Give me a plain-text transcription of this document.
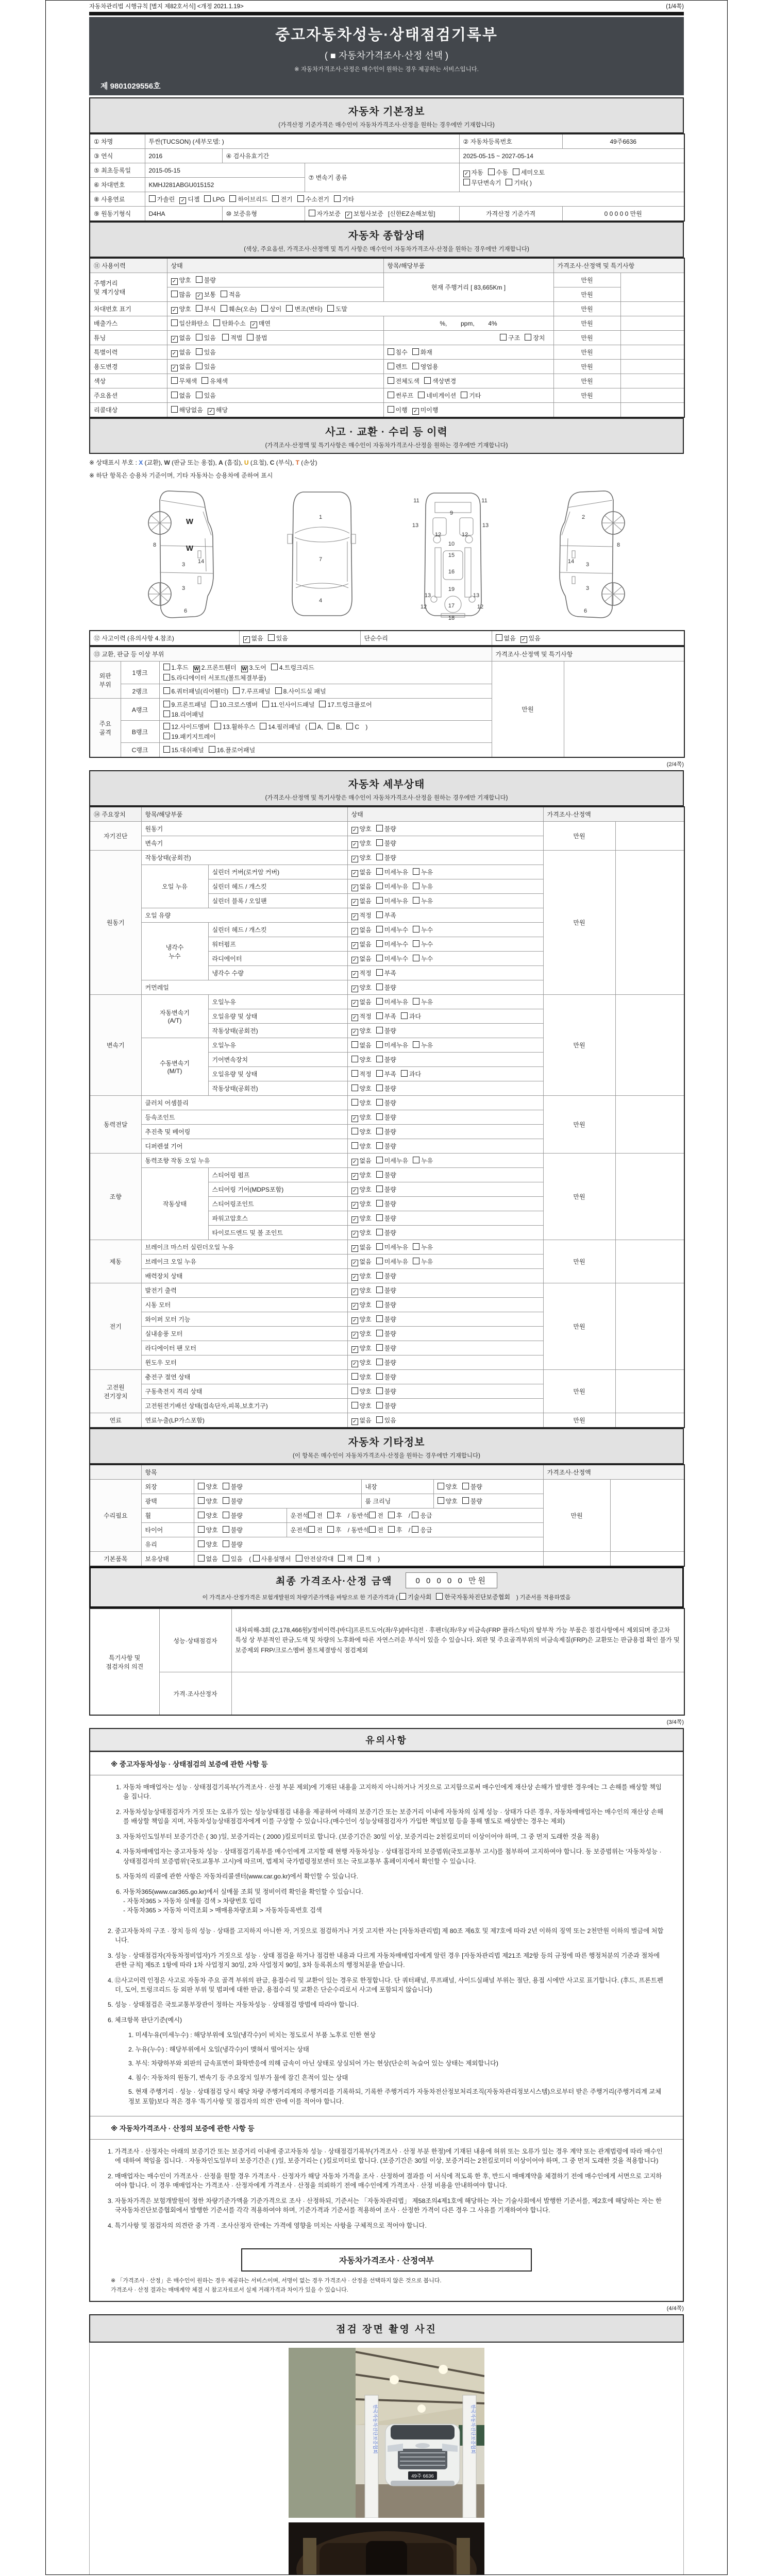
자동차관리법 시행규칙 [별지 제82호서식] <개정 2021.1.19>	(1/4쪽)
중고자동차성능·상태점검기록부
( ■ 자동차가격조사·산정 선택 )
※ 자동차가격조사·산정은 매수인이 원하는 경우 제공하는 서비스입니다.
제 9801029556호
자동차 기본정보
(가격산정 기준가격은 매수인이 자동차가격조사·산정을 원하는 경우에만 기재합니다)
① 차명	투싼(TUCSON) (세부모델: )			② 자동차등록번호	49주6636
③ 연식	2016	④ 검사유효기간		2025-05-15 ~ 2027-05-14	
⑤ 최초등록일	2015-05-15		⑦ 변속기 종류	✓ 자동 수동 세미오토
무단변속기 기타( )	
⑥ 차대번호	KMHJ281ABGU015152				
⑧ 사용연료	가솔린 ✓ 디젤 LPG 하이브리드 전기 수소전기 기타				
⑨ 원동기형식	D4HA	⑩ 보증유형	자가보증 ✓ 보험사보증 [신한EZ손해보험]	가격산정 기준가격	0 0 0 0 0 만원
자동차 종합상태
(색상, 주요옵션, 가격조사·산정액 및 특기 사항은 매수인이 자동차가격조사·산정을 원하는 경우에만 기재합니다)
⑪ 사용이력	상태	항목/해당부품	가격조사·산정액 및 특기사항	
주행거리
및 계기상태	✓ 양호 불량	현재 주행거리 [ 83,665Km ]	만원	
	많음 ✓ 보통 적음		만원	
차대번호 표기	✓ 양호 부식 훼손(오손) 상이 변조(변타) 도말		만원	
배출가스	일산화탄소 탄화수소 ✓ 매연	%,        ppm,        4%	만원	
튜닝	✓ 없음 있음 적법 불법	구조 장치	만원	
특별이력	✓ 없음 있음	침수 화재	만원	
용도변경	✓ 없음 있음	렌트 영업용	만원	
색상	무채색 유채색	전체도색 색상변경	만원	
주요옵션	없음 있음	썬루프 네비게이션 기타	만원	
리콜대상	해당없음 ✓ 해당	이행 ✓ 미이행		
사고 · 교환 · 수리 등 이력
(가격조사·산정액 및 특기사항은 매수인이 자동차가격조사·산정을 원하는 경우에만 기재합니다)
※ 상태표시 부호 : X (교환), W (판금 또는 용접), A (흠집), U (요철), C (부식), T (손상)
※ 하단 항목은 승용차 기준이며, 기타 자동차는 승용차에 준하여 표시
W
8	W
14
3
3
6
1
7
4
11	11
9
13	13
12	12
10
15
16
19
13	13
12	12
17
18
2
8
3
14
3
6
⑫ 사고이력 (유의사항 4.참조)	✓ 없음 있음	단순수리	없음 ✓ 있음
⑬ 교환, 판금 등 이상 부위			가격조사·산정액 및 특기사항	
외판
부위	1랭크	1.후드 W 2.프론트휀더 W 3.도어 4.트렁크리드
5.라디에이터 서포트(볼트체결부품)	만원	
	2랭크	6.쿼터패널(리어휀더) 7.루프패널 8.사이드실 패널		
주요
골격	A랭크	9.프론트패널 10.크로스멤버 11.인사이드패널 17.트렁크플로어
18.리어패널		
	B랭크	12.사이드멤버 13.휠하우스 14.필러패널 ( A, B, C )
19.패키지트레이		
	C랭크	15.대쉬패널 16.플로어패널		
(2/4쪽)
자동차 세부상태
(가격조사·산정액 및 특기사항은 매수인이 자동차가격조사·산정을 원하는 경우에만 기재합니다)
⑭ 주요장치	항목/해당부품		상태	가격조사·산정액	
자기진단	원동기		✓ 양호 불량	만원	
	변속기		✓ 양호 불량		
원동기	작동상태(공회전)		✓ 양호 불량	만원	
	오일 누유	실린더 커버(로커암 커버)	✓ 없음 미세누유 누유		
		실린더 헤드 / 개스킷	✓ 없음 미세누유 누유		
		실린더 블록 / 오일팬	✓ 없음 미세누유 누유		
	오일 유량		✓ 적정 부족		
	냉각수
누수	실린더 헤드 / 개스킷	✓ 없음 미세누수 누수		
		워터펌프	✓ 없음 미세누수 누수		
		라디에이터	✓ 없음 미세누수 누수		
		냉각수 수량	✓ 적정 부족		
	커먼레일		✓ 양호 불량		
변속기	자동변속기
(A/T)	오일누유	✓ 없음 미세누유 누유	만원	
		오일유량 및 상태	✓ 적정 부족 과다		
		작동상태(공회전)	✓ 양호 불량		
	수동변속기
(M/T)	오일누유	없음 미세누유 누유		
		기어변속장치	양호 불량		
		오일유량 및 상태	적정 부족 과다		
		작동상태(공회전)	양호 불량		
동력전달	클러치 어셈블리		양호 불량	만원	
	등속조인트		✓ 양호 불량		
	추진축 및 베어링		양호 불량		
	디퍼렌셜 기어		양호 불량		
조향	동력조향 작동 오일 누유		✓ 없음 미세누유 누유	만원	
	작동상태	스티어링 펌프	✓ 양호 불량		
		스티어링 기어(MDPS포함)	✓ 양호 불량		
		스티어링조인트	✓ 양호 불량		
		파워고압호스	✓ 양호 불량		
		타이로드엔드 및 볼 조인트	✓ 양호 불량		
제동	브레이크 마스터 실린더오일 누유		✓ 없음 미세누유 누유	만원	
	브레이크 오일 누유		✓ 없음 미세누유 누유		
	배력장치 상태		✓ 양호 불량		
전기	발전기 출력		✓ 양호 불량	만원	
	시동 모터		✓ 양호 불량		
	와이퍼 모터 기능		✓ 양호 불량		
	실내송풍 모터		✓ 양호 불량		
	라디에이터 팬 모터		✓ 양호 불량		
	윈도우 모터		✓ 양호 불량		
고전원
전기장치	충전구 절연 상태		양호 불량	만원	
	구동축전지 격리 상태		양호 불량		
	고전원전기배선 상태(접속단자,피복,보호기구)		양호 불량		
연료	연료누출(LP가스포함)		✓ 없음 있음	만원	
자동차 기타정보
(이 항목은 매수인이 자동차가격조사·산정을 원하는 경우에만 기재합니다)
	항목					가격조사·산정액	
수리필요	외장	양호 불량		내장	양호 불량	만원	
	광택	양호 불량		룸 크리닝	양호 불량		
	휠	양호 불량	운전석 전 후 / 동반석 전 후 / 응급				
	타이어	양호 불량	운전석 전 후 / 동반석 전 후 / 응급				
	유리	양호 불량					
기본품목	보유상태	없음 있음 ( 사용설명서 안전삼각대 잭 잭 )					
최종 가격조사·산정 금액	0 0 0 0 0 만원
이 가격조사·산정가격은 보험개발원의 차량기준가액을 바탕으로 한 기준가격과 ( 기술사회 한국자동차진단보증협회 ) 기준서를 적용하였음
특기사항 및
점검자의 의견	성능·상태점검자	내차피해-3회 (2,178,466원)/정비이력-[바디]프론트도어(좌/우)/[바디]전 · 후펜더(좌/우)/ 비금속(FRP 플라스틱)의 탈부착 가능 부품은 점검사항에서 제외되며 중고차 특성 상 부분적인 판금,도색 및 차량의 노후화에 따른 자연스러운 부식이 있을 수 있습니다. 외판 및 주요골격부위의 비금속제질(FRP)은 교환또는 판금용접 확인 불가 및 보증제외 FRP/크로스멤버 볼트체결방식 점검제외
	가격·조사산정자	
(3/4쪽)
유의사항
※ 중고자동차성능 · 상태점검의 보증에 관한 사항 등
1. 자동차 매매업자는 성능 · 상태점검기록부(가격조사 · 산정 부분 제외)에 기재된 내용을 고지하지 아니하거나 거짓으로 고지함으로써 매수인에게 재산상 손해가 발생한 경우에는 그 손해를 배상할 책임을 집니다.
2. 자동차성능상태점검자가 거짓 또는 오류가 있는 성능상태점검 내용을 제공하여 아래의 보증기간 또는 보증거리 이내에 자동차의 실제 성능 · 상태가 다른 경우, 자동차매매업자는 매수인의 재산상 손해를 배상할 책임을 지며, 자동차성능상태점검자에게 이를 구상할 수 있습니다.(매수인이 성능상태점검자가 가입한 책임보험 등을 통해 별도로 배상받는 경우는 제외)
3. 자동차인도일부터 보증기간은 ( 30 )일, 보증거리는 ( 2000 )킬로미터로 합니다. (보증기간은 30일 이상, 보증거리는 2천킬로미터 이상이어야 하며, 그 중 먼저 도래한 것을 적용)
4. 자동차매매업자는 중고자동차 성능 · 상태점검기록부를 매수인에게 고지할 때 현행 자동차성능 · 상태점검자의 보증범위(국토교통부 고시)를 첨부하여 고지하여야 합니다. 동 보증범위는 '자동차성능 · 상태점검자의 보증범위'(국토교통부 고시)에 따르며, 법제처 국가법령정보센터 또는 국토교통부 홈페이지에서 확인할 수 있습니다.
5. 자동차의 리콜에 관한 사항은 자동차리콜센터(www.car.go.kr)에서 확인할 수 있습니다.
6. 자동차365(www.car365.go.kr)에서 실매물 조회 및 정비이력 확인을 확인할 수 있습니다.
- 자동차365 > 자동차 실매물 검색 > 차량번호 입력
- 자동차365 > 자동차 이력조회 > 매매용차량조회 > 자동차등록번호 검색
2. 중고자동차의 구조 · 장치 등의 성능 · 상태를 고지하지 아니한 자, 거짓으로 점검하거나 거짓 고지한 자는 [자동차관리법] 제 80조 제6호 및 제7호에 따라 2년 이하의 징역 또는 2천만원 이하의 벌금에 처합니다.
3. 성능 · 상태점검자(자동차정비업자)가 거짓으로 성능 · 상태 점검을 하거나 점검한 내용과 다르게 자동차매매업자에게 알린 경우 [자동차관리법 제21조 제2항 등의 규정에 따른 행정처분의 기준과 절차에 관한 규칙] 제5조 1항에 따라 1차 사업정지 30일, 2차 사업정지 90일, 3차 등록취소의 행정처분을 받습니다.
4. ⑫사고이력 인정은 사고로 자동차 주요 골격 부위의 판금, 용접수리 및 교환이 있는 경우로 한정합니다. 단 쿼터패널, 루프패널, 사이드실패널 부위는 절단, 용접 시에만 사고로 표기합니다. (후드, 프론트펜더, 도어, 트렁크리드 등 외판 부위 및 범퍼에 대한 판금, 용접수리 및 교환은 단순수리로서 사고에 포함되지 않습니다)
5. 성능 · 상태점검은 국토교통부장관이 정하는 자동차성능 · 상태점검 방법에 따라야 합니다.
6. 체크항목 판단기준(예시)
1. 미세누유(미세누수) : 해당부위에 오일(냉각수)이 비치는 정도로서 부품 노후로 인한 현상
2. 누유(누수) : 해당부위에서 오일(냉각수)이 맺혀서 떨어지는 상태
3. 부식: 차량하부와 외판의 금속표면이 화학반응에 의해 금속이 아닌 상태로 상실되어 가는 현상(단순히 녹슬어 있는 상태는 제외합니다)
4. 침수: 자동차의 원동기, 변속기 등 주요장치 일부가 물에 잠긴 흔적이 있는 상태
5. 현재 주행거리 · 성능 · 상태점검 당시 해당 차량 주행거리계의 주행거리를 기록하되, 기록한 주행거리가 자동차전산정보처리조직(자동차관리정보시스템)으로부터 받은 주행거리(주행거리계 교체 정보 포함)보다 적은 경우 '특기사항 및 점검자의 의견' 란에 이를 적어야 합니다.
※ 자동차가격조사 · 산정의 보증에 관한 사항 등
1. 가격조사 · 산정자는 아래의 보증기간 또는 보증거리 이내에 중고자동차 성능 · 상태점검기록부(가격조사 · 산정 부분 한정)에 기재된 내용에 허위 또는 오류가 있는 경우 계약 또는 관계법령에 따라 매수인에 대하여 책임을 집니다. · 자동차인도일부터 보증기간은 ( )일, 보증거리는 ( )킬로미터로 합니다. (보증기간은 30일 이상, 보증거리는 2천킬로미터 이상이어야 하며, 그 중 먼저 도래한 것을 적용합니다)
2. 매매업자는 매수인이 가격조사 · 산정을 원할 경우 가격조사 · 산정자가 해당 자동차 가격을 조사 · 산정하여 결과를 이 서식에 적도록 한 후, 반드시 매매계약을 체결하기 전에 매수인에게 서면으로 고지하여야 합니다. 이 경우 매매업자는 가격조사 · 산정자에게 가격조사 · 산정을 의뢰하기 전에 매수인에게 가격조사 · 산정 비용을 안내하여야 합니다.
3. 자동차가격은 보험개발원이 정한 차량기준가액을 기준가격으로 조사 · 산정하되, 기준서는 「자동차관리법」 제58조의4제1호에 해당하는 자는 기술사회에서 발행한 기준서를, 제2호에 해당하는 자는 한국자동차진단보증협회에서 발행한 기준서를 각각 적용하여야 하며, 기준가격과 기준서를 적용하여 조사 · 산정한 가격이 다른 경우 그 사유를 기재하여야 합니다.
4. 특기사항 및 점검자의 의견란 중 가격 · 조사산정자 란에는 가격에 영향을 미치는 사항을 구체적으로 적어야 합니다.
자동차가격조사 · 산정여부
※ 「가격조사 · 산정」은 매수인이 원하는 경우 제공하는 서비스이며, 서명이 없는 경우 가격조사 · 산정을 선택하지 않은 것으로 봅니다.
가격조사 · 산정 결과는 매매계약 체결 시 참고자료로서 실제 거래가격과 차이가 있을 수 있습니다.
(4/4쪽)
점검 장면 촬영 사진
49주 6636
한국자동차진단보증협회	한국자동차진단보증협회
